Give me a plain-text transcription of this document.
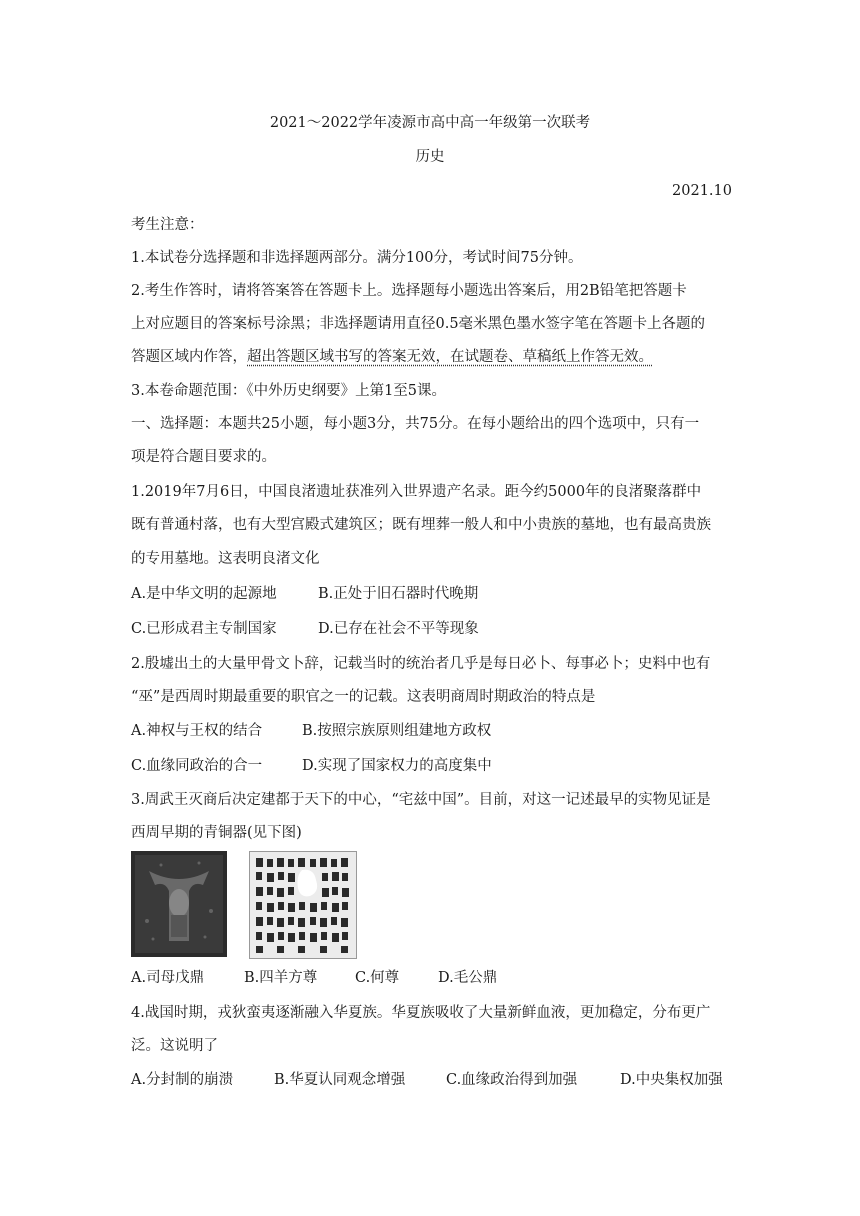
2021～2022学年凌源市高中高一年级第一次联考
历史
2021.10
考生注意：
1.本试卷分选择题和非选择题两部分。满分100分，考试时间75分钟。
2.考生作答时，请将答案答在答题卡上。选择题每小题选出答案后，用2B铅笔把答题卡
上对应题目的答案标号涂黑；非选择题请用直径0.5毫米黑色墨水签字笔在答题卡上各题的
答题区域内作答，超出答题区域书写的答案无效，在试题卷、草稿纸上作答无效。
3.本卷命题范围：《中外历史纲要》上第1至5课。
一、选择题：本题共25小题，每小题3分，共75分。在每小题给出的四个选项中，只有一
项是符合题目要求的。
1.2019年7月6日，中国良渚遗址获准列入世界遗产名录。距今约5000年的良渚聚落群中
既有普通村落，也有大型宫殿式建筑区；既有埋葬一般人和中小贵族的墓地，也有最高贵族
的专用墓地。这表明良渚文化
A.是中华文明的起源地	B.正处于旧石器时代晚期
C.已形成君主专制国家	D.已存在社会不平等现象
2.殷墟出土的大量甲骨文卜辞，记载当时的统治者几乎是每日必卜、每事必卜；史料中也有
“巫”是西周时期最重要的职官之一的记载。这表明商周时期政治的特点是
A.神权与王权的结合	B.按照宗族原则组建地方政权
C.血缘同政治的合一	D.实现了国家权力的高度集中
3.周武王灭商后决定建都于天下的中心，“宅兹中国”。目前，对这一记述最早的实物见证是
西周早期的青铜器(见下图)
A.司母戊鼎	B.四羊方尊	C.何尊	D.毛公鼎
4.战国时期，戎狄蛮夷逐渐融入华夏族。华夏族吸收了大量新鲜血液，更加稳定，分布更广
泛。这说明了
A.分封制的崩溃	B.华夏认同观念增强	C.血缘政治得到加强	D.中央集权加强
